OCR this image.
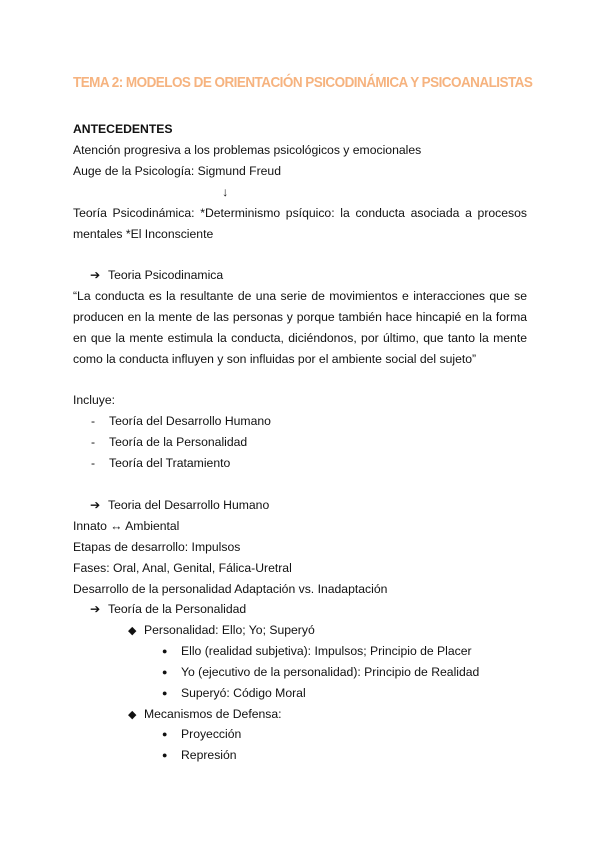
TEMA 2: MODELOS DE ORIENTACIÓN PSICODINÁMICA Y PSICOANALISTAS
ANTECEDENTES
Atención progresiva a los problemas psicológicos y emocionales
Auge de la Psicología: Sigmund Freud
↓
Teoría Psicodinámica: *Determinismo psíquico: la conducta asociada a procesos mentales *El Inconsciente
➔ Teoria Psicodinamica
“La conducta es la resultante de una serie de movimientos e interacciones que se producen en la mente de las personas y porque también hace hincapié en la forma en que la mente estimula la conducta, diciéndonos, por último, que tanto la mente como la conducta influyen y son influidas por el ambiente social del sujeto”
Incluye:
- Teoría del Desarrollo Humano
- Teoría de la Personalidad
- Teoría del Tratamiento
➔ Teoria del Desarrollo Humano
Innato ↔ Ambiental
Etapas de desarrollo: Impulsos
Fases: Oral, Anal, Genital, Fálica-Uretral
Desarrollo de la personalidad Adaptación vs. Inadaptación
➔ Teoría de la Personalidad
◆ Personalidad: Ello; Yo; Superyó
● Ello (realidad subjetiva): Impulsos; Principio de Placer
● Yo (ejecutivo de la personalidad): Principio de Realidad
● Superyó: Código Moral
◆ Mecanismos de Defensa:
● Proyección
● Represión
